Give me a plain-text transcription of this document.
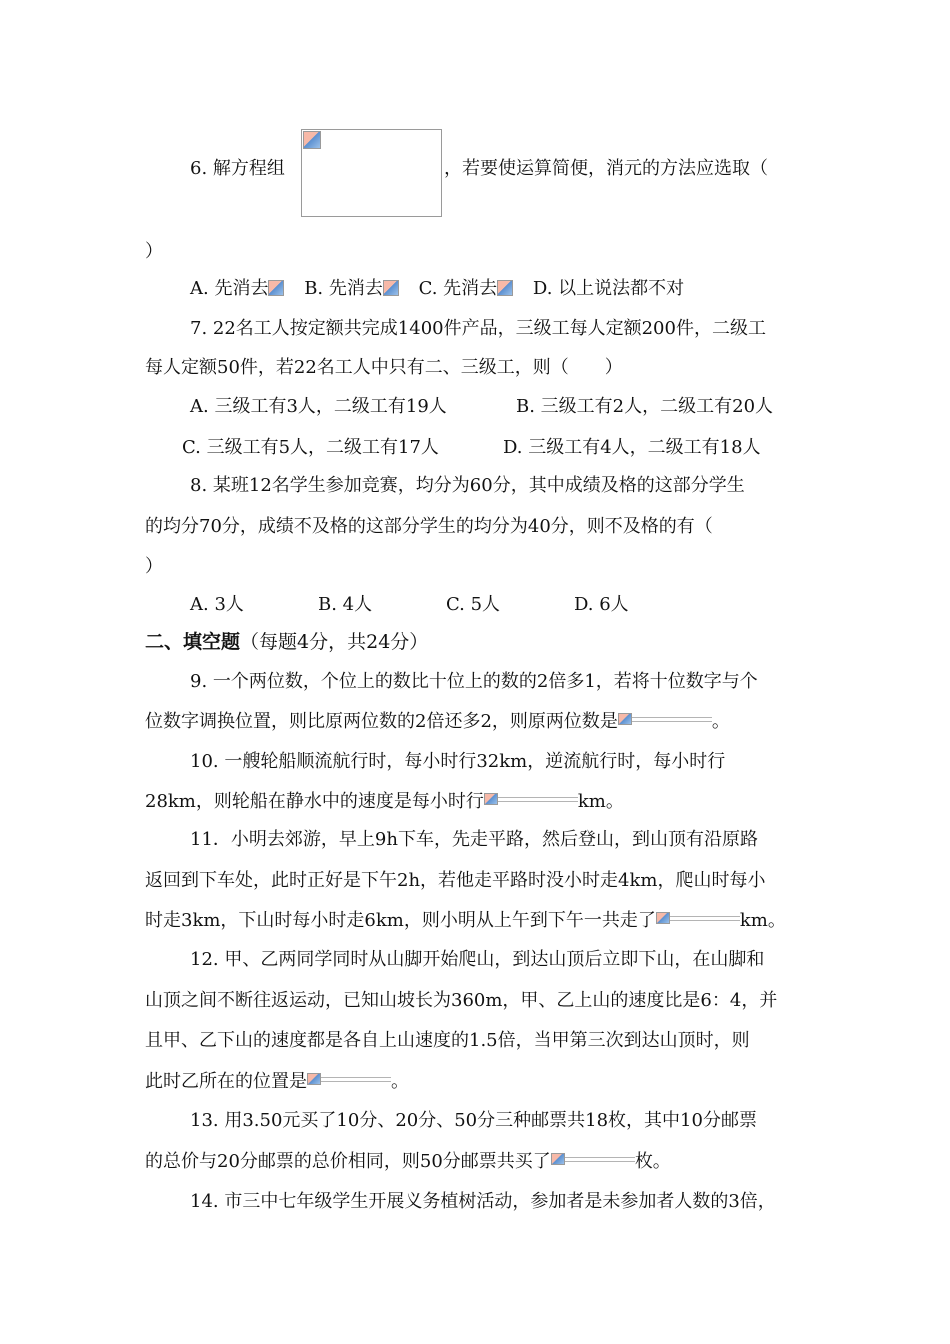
6. 解方程组	，若要使运算简便，消元的方法应选取（
）
A. 先消去 B. 先消去 C. 先消去 D. 以上说法都不对
7. 22名工人按定额共完成1400件产品，三级工每人定额200件，二级工
每人定额50件，若22名工人中只有二、三级工，则（　　）
A. 三级工有3人，二级工有19人	B. 三级工有2人，二级工有20人
C. 三级工有5人，二级工有17人	D. 三级工有4人，二级工有18人
8. 某班12名学生参加竞赛，均分为60分，其中成绩及格的这部分学生
的均分70分，成绩不及格的这部分学生的均分为40分，则不及格的有（
）
A. 3人	B. 4人	C. 5人	D. 6人
二、填空题（每题4分，共24分）
9. 一个两位数，个位上的数比十位上的数的2倍多1，若将十位数字与个
位数字调换位置，则比原两位数的2倍还多2，则原两位数是	。
10. 一艘轮船顺流航行时，每小时行32km，逆流航行时，每小时行
28km，则轮船在静水中的速度是每小时行	km。
11．小明去郊游，早上9h下车，先走平路，然后登山，到山顶有沿原路
返回到下车处，此时正好是下午2h，若他走平路时没小时走4km，爬山时每小
时走3km，下山时每小时走6km，则小明从上午到下午一共走了	km。
12. 甲、乙两同学同时从山脚开始爬山，到达山顶后立即下山，在山脚和
山顶之间不断往返运动，已知山坡长为360m，甲、乙上山的速度比是6：4，并
且甲、乙下山的速度都是各自上山速度的1.5倍，当甲第三次到达山顶时，则
此时乙所在的位置是	。
13. 用3.50元买了10分、20分、50分三种邮票共18枚，其中10分邮票
的总价与20分邮票的总价相同，则50分邮票共买了	枚。
14. 市三中七年级学生开展义务植树活动，参加者是未参加者人数的3倍，
